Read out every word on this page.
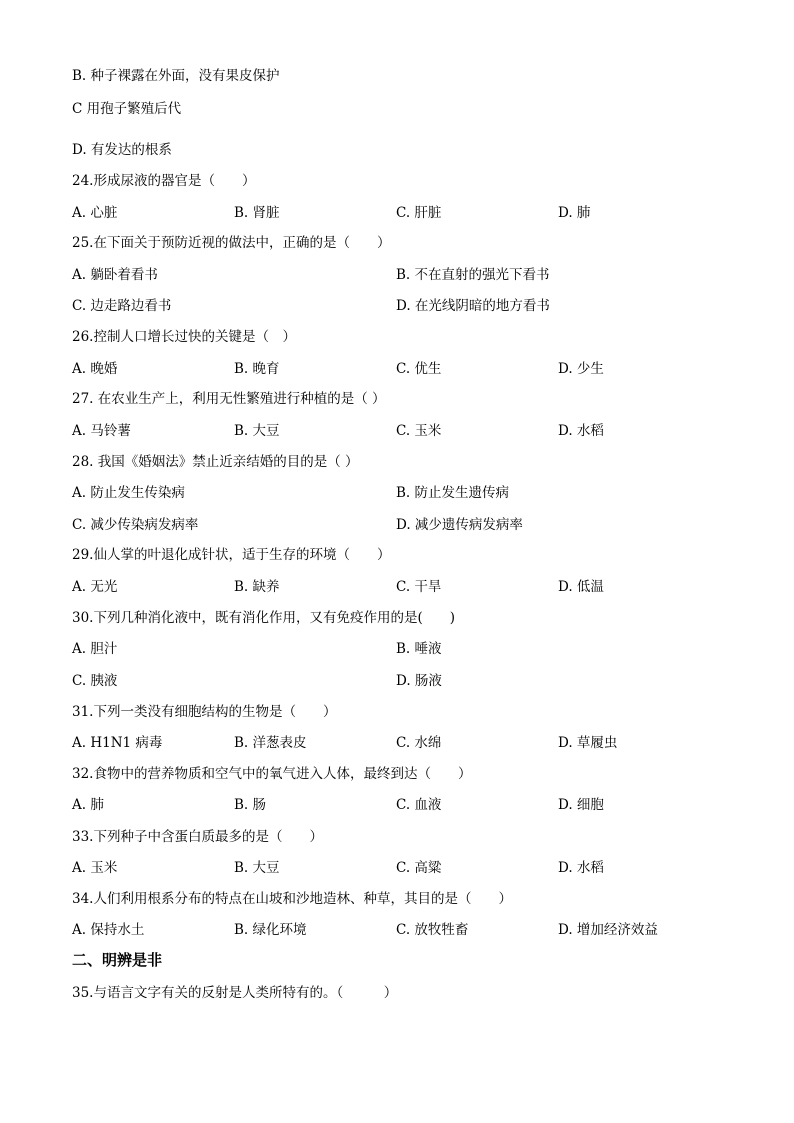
B. 种子裸露在外面，没有果皮保护
C 用孢子繁殖后代
D. 有发达的根系
24.形成尿液的器官是（　　）
A. 心脏	B. 肾脏	C. 肝脏	D. 肺
25.在下面关于预防近视的做法中，正确的是（　　）
A. 躺卧着看书	B. 不在直射的强光下看书
C. 边走路边看书	D. 在光线阴暗的地方看书
26.控制人口增长过快的关键是（　）
A. 晚婚	B. 晚育	C. 优生	D. 少生
27. 在农业生产上，利用无性繁殖进行种植的是（ ）
A. 马铃薯	B. 大豆	C. 玉米	D. 水稻
28. 我国《婚姻法》禁止近亲结婚的目的是（ ）
A. 防止发生传染病	B. 防止发生遗传病
C. 减少传染病发病率	D. 减少遗传病发病率
29.仙人掌的叶退化成针状，适于生存的环境（　　）
A. 无光	B. 缺养	C. 干旱	D. 低温
30.下列几种消化液中，既有消化作用，又有免疫作用的是(　　)
A. 胆汁	B. 唾液
C. 胰液	D. 肠液
31.下列一类没有细胞结构的生物是（　　）
A. H1N1 病毒	B. 洋葱表皮	C. 水绵	D. 草履虫
32.食物中的营养物质和空气中的氧气进入人体，最终到达（　　）
A. 肺	B. 肠	C. 血液	D. 细胞
33.下列种子中含蛋白质最多的是（　　）
A. 玉米	B. 大豆	C. 高粱	D. 水稻
34.人们利用根系分布的特点在山坡和沙地造林、种草，其目的是（　　）
A. 保持水土	B. 绿化环境	C. 放牧牲畜	D. 增加经济效益
二、明辨是非
35.与语言文字有关的反射是人类所特有的。（　　　）
